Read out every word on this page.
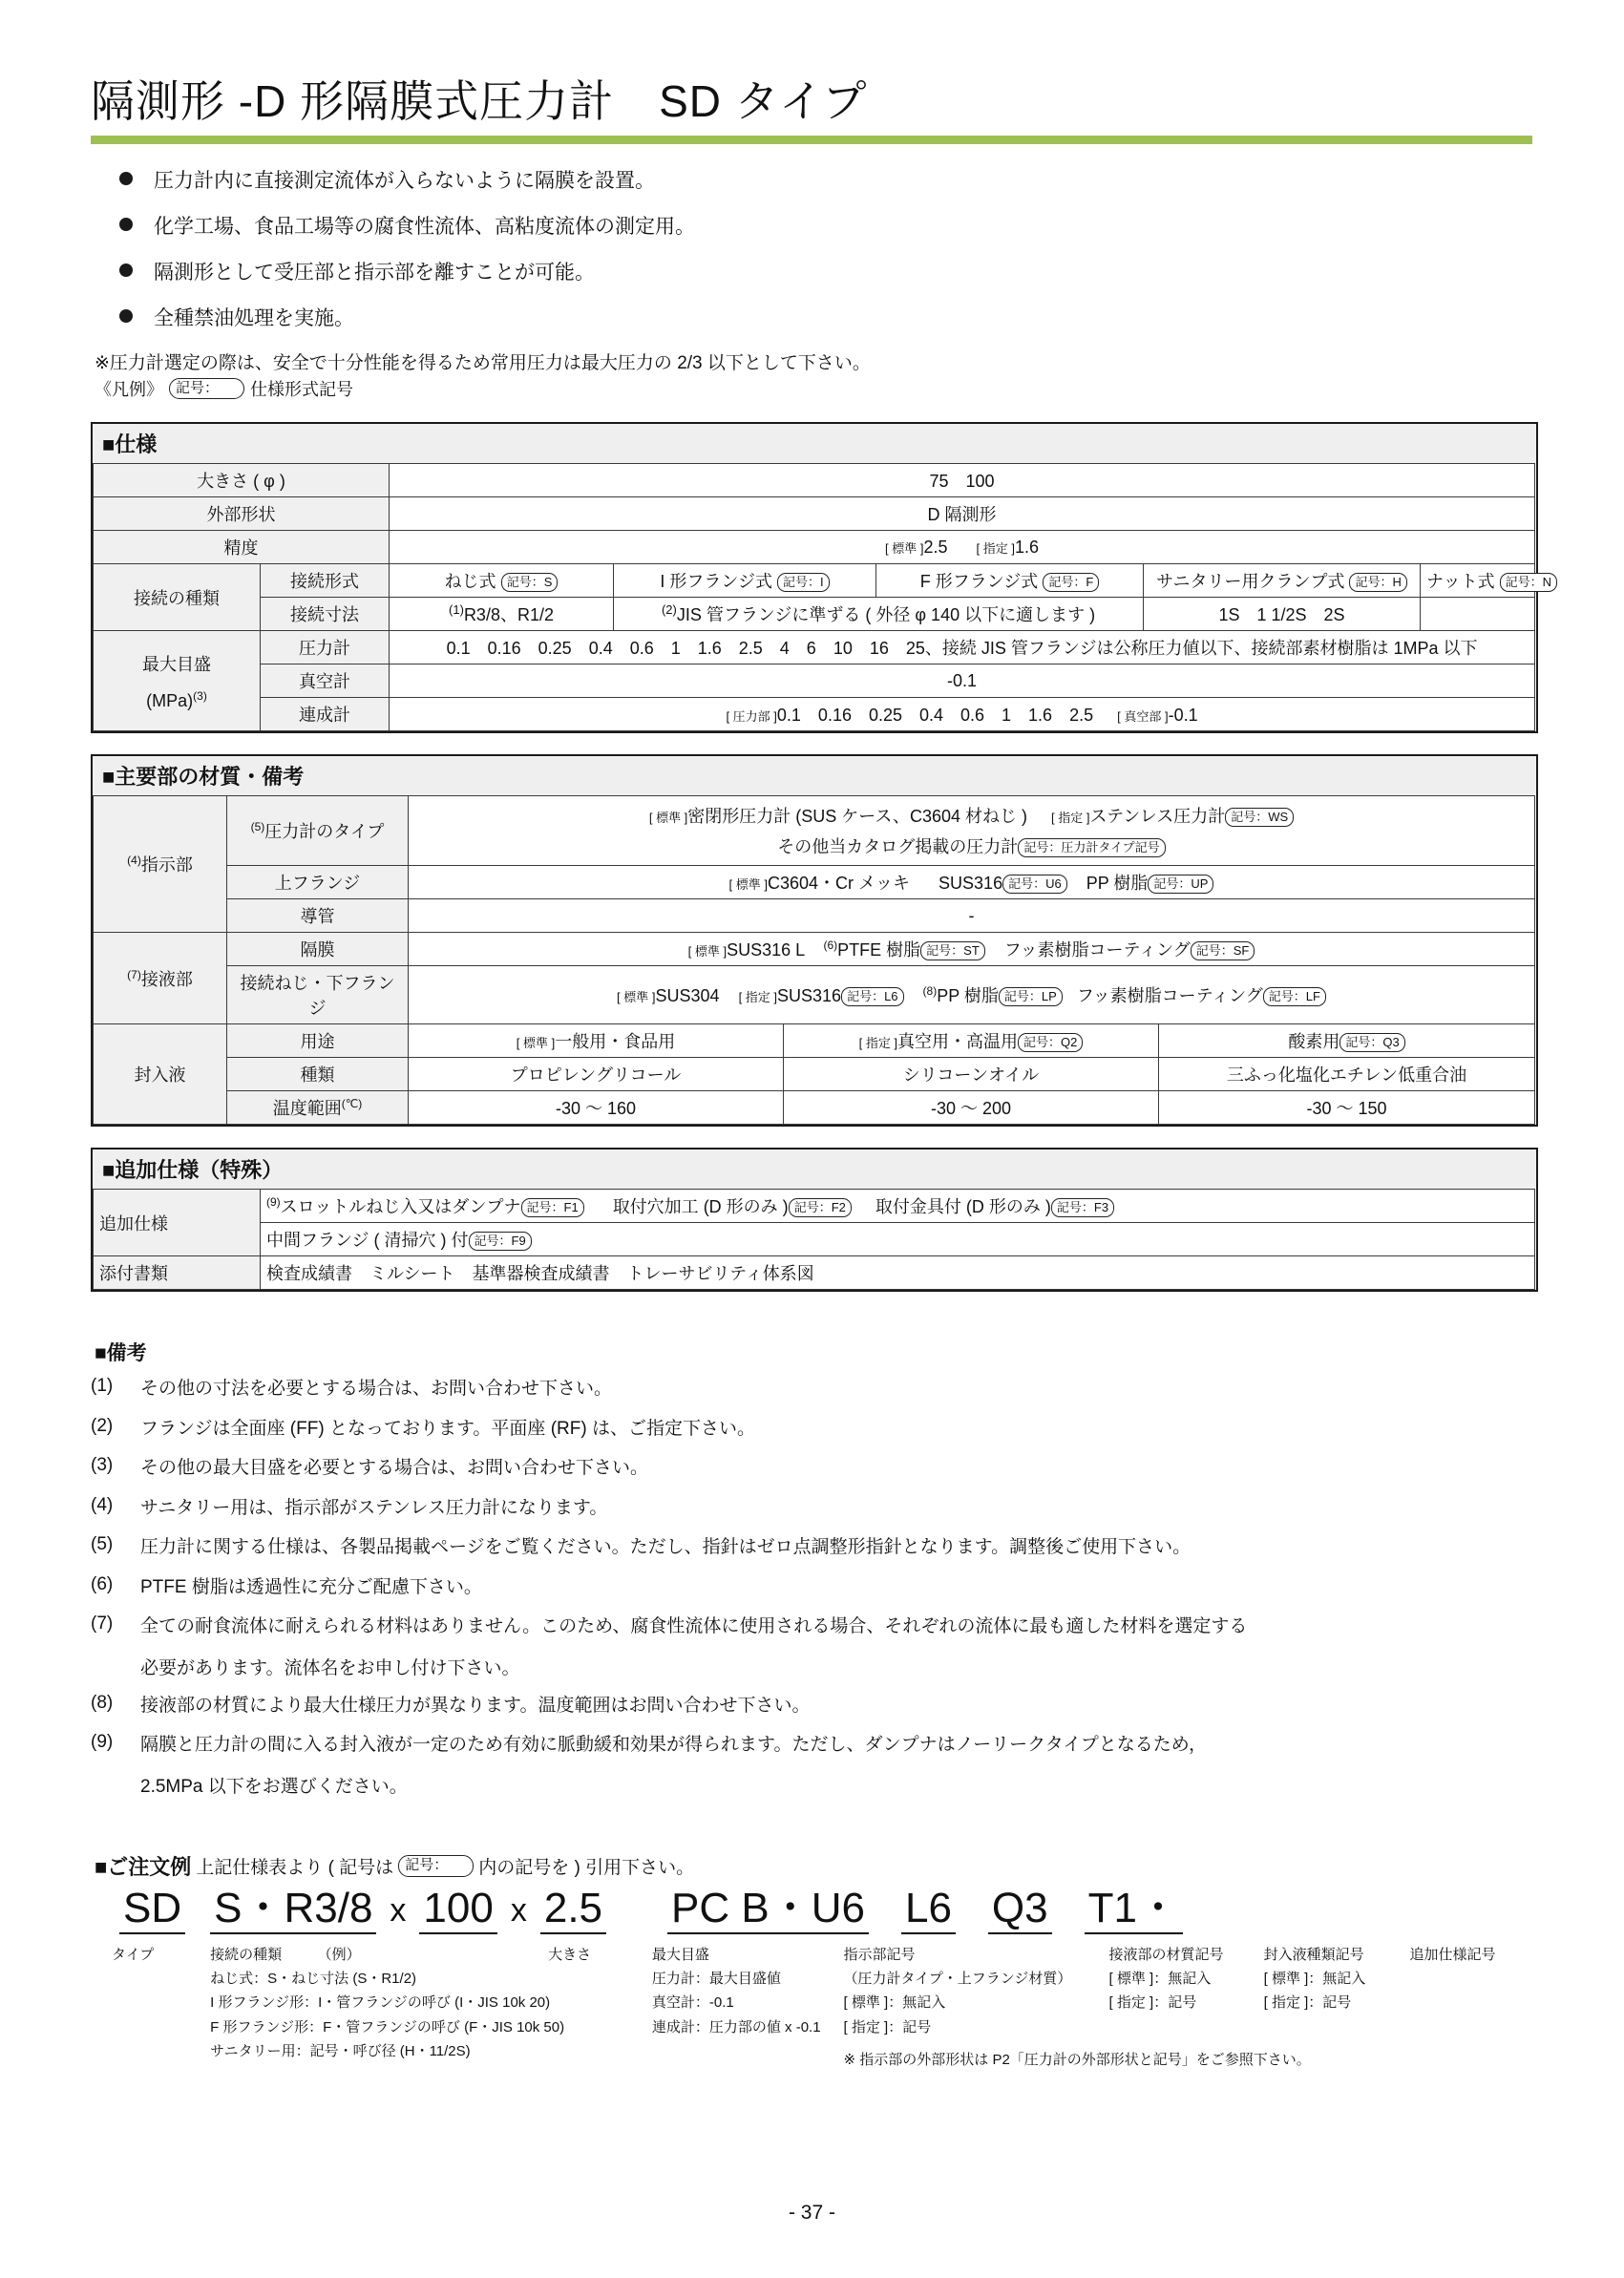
隔測形 -D 形隔膜式圧力計　SD タイプ
圧力計内に直接測定流体が入らないように隔膜を設置。
化学工場、食品工場等の腐食性流体、高粘度流体の測定用。
隔測形として受圧部と指示部を離すことが可能。
全種禁油処理を実施。
※圧力計選定の際は、安全で十分性能を得るため常用圧力は最大圧力の 2/3 以下として下さい。
《凡例》 記号：	仕様形式記号
■仕様
大きさ ( φ )		75　100				
外部形状		D 隔測形				
精度		[ 標準 ]2.5 [ 指定 ]1.6				
接続の種類	接続形式	ねじ式 記号：S	I 形フランジ式 記号：I	F 形フランジ式 記号：F	サニタリー用クランプ式 記号：H	ナット式 記号：N
	接続寸法	$^{(1)}$R3/8、R1/2	$^{(2)}$JIS 管フランジに準ずる ( 外径 φ 140 以下に適します )		1S　1 1/2S　2S	

最大目盛
(MPa)$^{(3)}$	圧力計	0.1　0.16　0.25　0.4　0.6　1　1.6　2.5　4　6　10　16　25、接続 JIS 管フランジは公称圧力値以下、接続部素材樹脂は 1MPa 以下				
	真空計	-0.1				
	連成計	[ 圧力部 ]0.1　0.16　0.25　0.4　0.6　1　1.6　2.5 [ 真空部 ]-0.1				
■主要部の材質・備考
$^{(4)}$指示部	$^{(5)}$圧力計のタイプ	[ 標準 ]密閉形圧力計 (SUS ケース、C3604 材ねじ ) [ 指定 ]ステンレス圧力計 記号：WS
その他当カタログ掲載の圧力計 記号：圧力計タイプ記号		

	上フランジ	[ 標準 ]C3604・Cr メッキ SUS316 記号：U6 PP 樹脂 記号：UP		
	導管	-		
$^{(7)}$接液部	隔膜	[ 標準 ]SUS316 L $^{(6)}$PTFE 樹脂 記号：ST フッ素樹脂コーティング 記号：SF		
	接続ねじ・下フランジ	[ 標準 ]SUS304 [ 指定 ]SUS316 記号：L6 $^{(8)}$PP 樹脂 記号：LP フッ素樹脂コーティング 記号：LF		
封入液	用途	[ 標準 ]一般用・食品用	[ 指定 ]真空用・高温用 記号：Q2	酸素用 記号：Q3
	種類	プロピレングリコール	シリコーンオイル	三ふっ化塩化エチレン低重合油
	温度範囲(℃)	-30 ～ 160	-30 ～ 200	-30 ～ 150
■追加仕様（特殊）
追加仕様	$^{(9)}$スロットルねじ入又はダンプナ 記号：F1 取付穴加工 (D 形のみ ) 記号：F2 取付金具付 (D 形のみ ) 記号：F3
	中間フランジ ( 清掃穴 ) 付 記号：F9
添付書類	検査成績書　ミルシート　基準器検査成績書　トレーサビリティ体系図
■備考
(1)	その他の寸法を必要とする場合は、お問い合わせ下さい。
(2)	フランジは全面座 (FF) となっております。平面座 (RF) は、ご指定下さい。
(3)	その他の最大目盛を必要とする場合は、お問い合わせ下さい。
(4)	サニタリー用は、指示部がステンレス圧力計になります。
(5)	圧力計に関する仕様は、各製品掲載ページをご覧ください。ただし、指針はゼロ点調整形指針となります。調整後ご使用下さい。
(6)	PTFE 樹脂は透過性に充分ご配慮下さい。
(7)	全ての耐食流体に耐えられる材料はありません。このため、腐食性流体に使用される場合、それぞれの流体に最も適した材料を選定する
必要があります。流体名をお申し付け下さい。
(8)	接液部の材質により最大仕様圧力が異なります。温度範囲はお問い合わせ下さい。
(9)	隔膜と圧力計の間に入る封入液が一定のため有効に脈動緩和効果が得られます。ただし、ダンプナはノーリークタイプとなるため，
2.5MPa 以下をお選びください。
■ご注文例 上記仕様表より ( 記号は 記号：	内の記号を ) 引用下さい。
SD S・R3/8 x 100 x 2.5 PC B・U6 L6 Q3 T1・
タイプ	接続の種類　　　（例）
ねじ式：S・ねじ寸法 (S・R1/2)
I 形フランジ形：I・管フランジの呼び (I・JIS 10k 20)
F 形フランジ形：F・管フランジの呼び (F・JIS 10k 50)
サニタリー用：記号・呼び径 (H・11/2S)
大きさ	最大目盛
圧力計：最大目盛値
真空計：-0.1
連成計：圧力部の値 x -0.1
指示部記号
（圧力計タイプ・上フランジ材質）
[ 標準 ]：無記入
[ 指定 ]：記号
※ 指示部の外部形状は P2「圧力計の外部形状と記号」をご参照下さい。
接液部の材質記号
[ 標準 ]：無記入
[ 指定 ]：記号
封入液種類記号
[ 標準 ]：無記入
[ 指定 ]：記号
追加仕様記号
- 37 -
